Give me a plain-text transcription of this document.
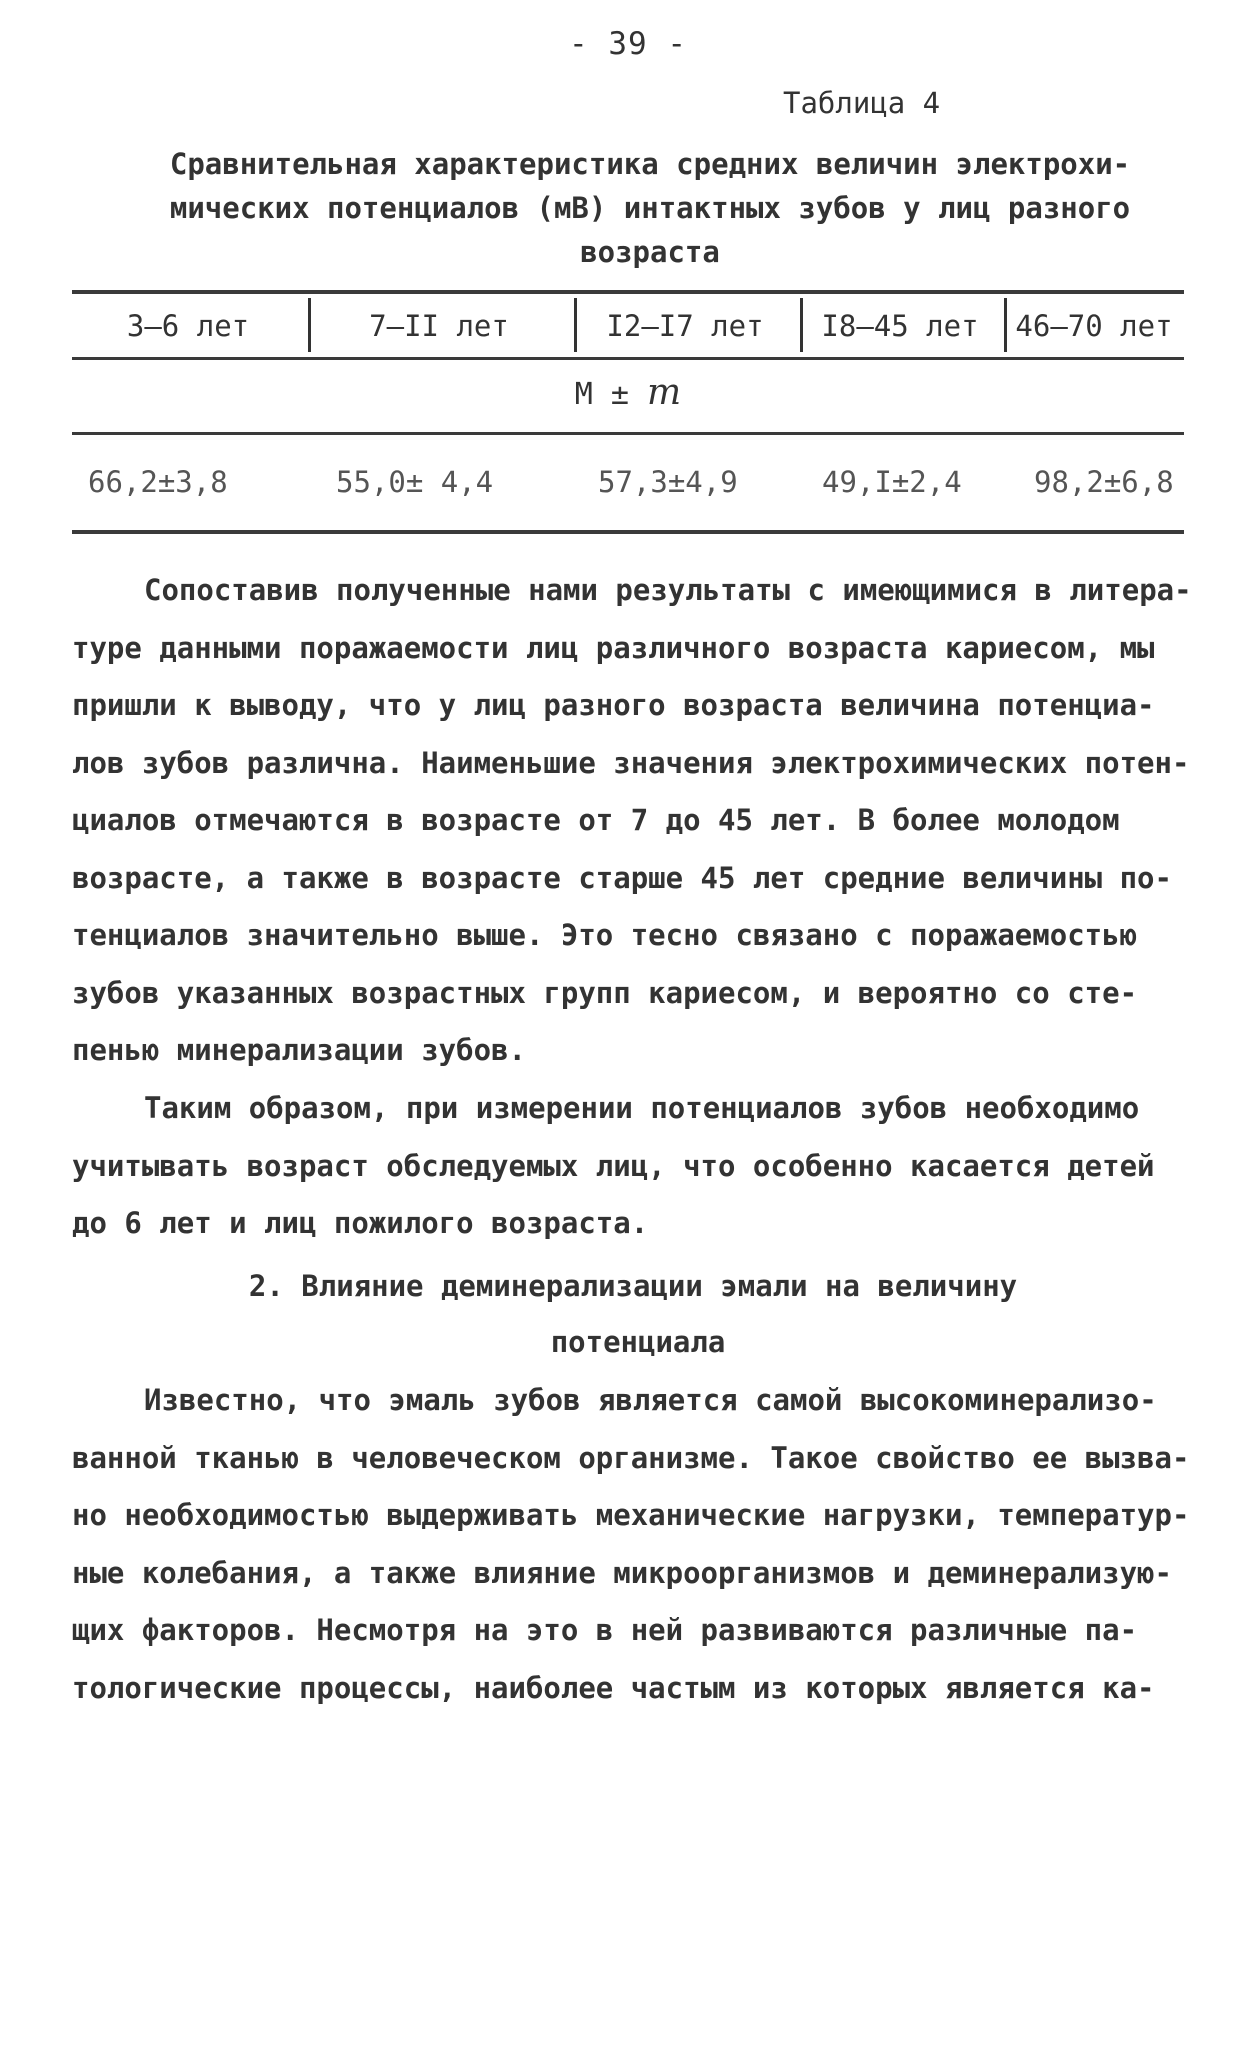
- 39 -
Таблица 4
Сравнительная характеристика средних величин электрохи-
мических потенциалов (мВ) интактных зубов у лиц разного
возраста
3–6 лет	7–II лет	I2–I7 лет	I8–45 лет	46–70 лет
M ± m
66,2±3,8	55,0± 4,4	57,3±4,9	49,I±2,4 98,2±6,8
Сопоставив полученные нами результаты с имеющимися в литера-
туре данными поражаемости лиц различного возраста кариесом, мы
пришли к выводу, что у лиц разного возраста величина потенциа-
лов зубов различна. Наименьшие значения электрохимических потен-
циалов отмечаются в возрасте от 7 до 45 лет. В более молодом
возрасте, а также в возрасте старше 45 лет средние величины по-
тенциалов значительно выше. Это тесно связано с поражаемостью
зубов указанных возрастных групп кариесом, и вероятно со сте-
пенью минерализации зубов.
Таким образом, при измерении потенциалов зубов необходимо
учитывать возраст обследуемых лиц, что особенно касается детей
до 6 лет и лиц пожилого возраста.
2. Влияние деминерализации эмали на величину
потенциала
Известно, что эмаль зубов является самой высокоминерализо-
ванной тканью в человеческом организме. Такое свойство ее вызва-
но необходимостью выдерживать механические нагрузки, температур-
ные колебания, а также влияние микроорганизмов и деминерализую-
щих факторов. Несмотря на это в ней развиваются различные па-
тологические процессы, наиболее частым из которых является ка-
